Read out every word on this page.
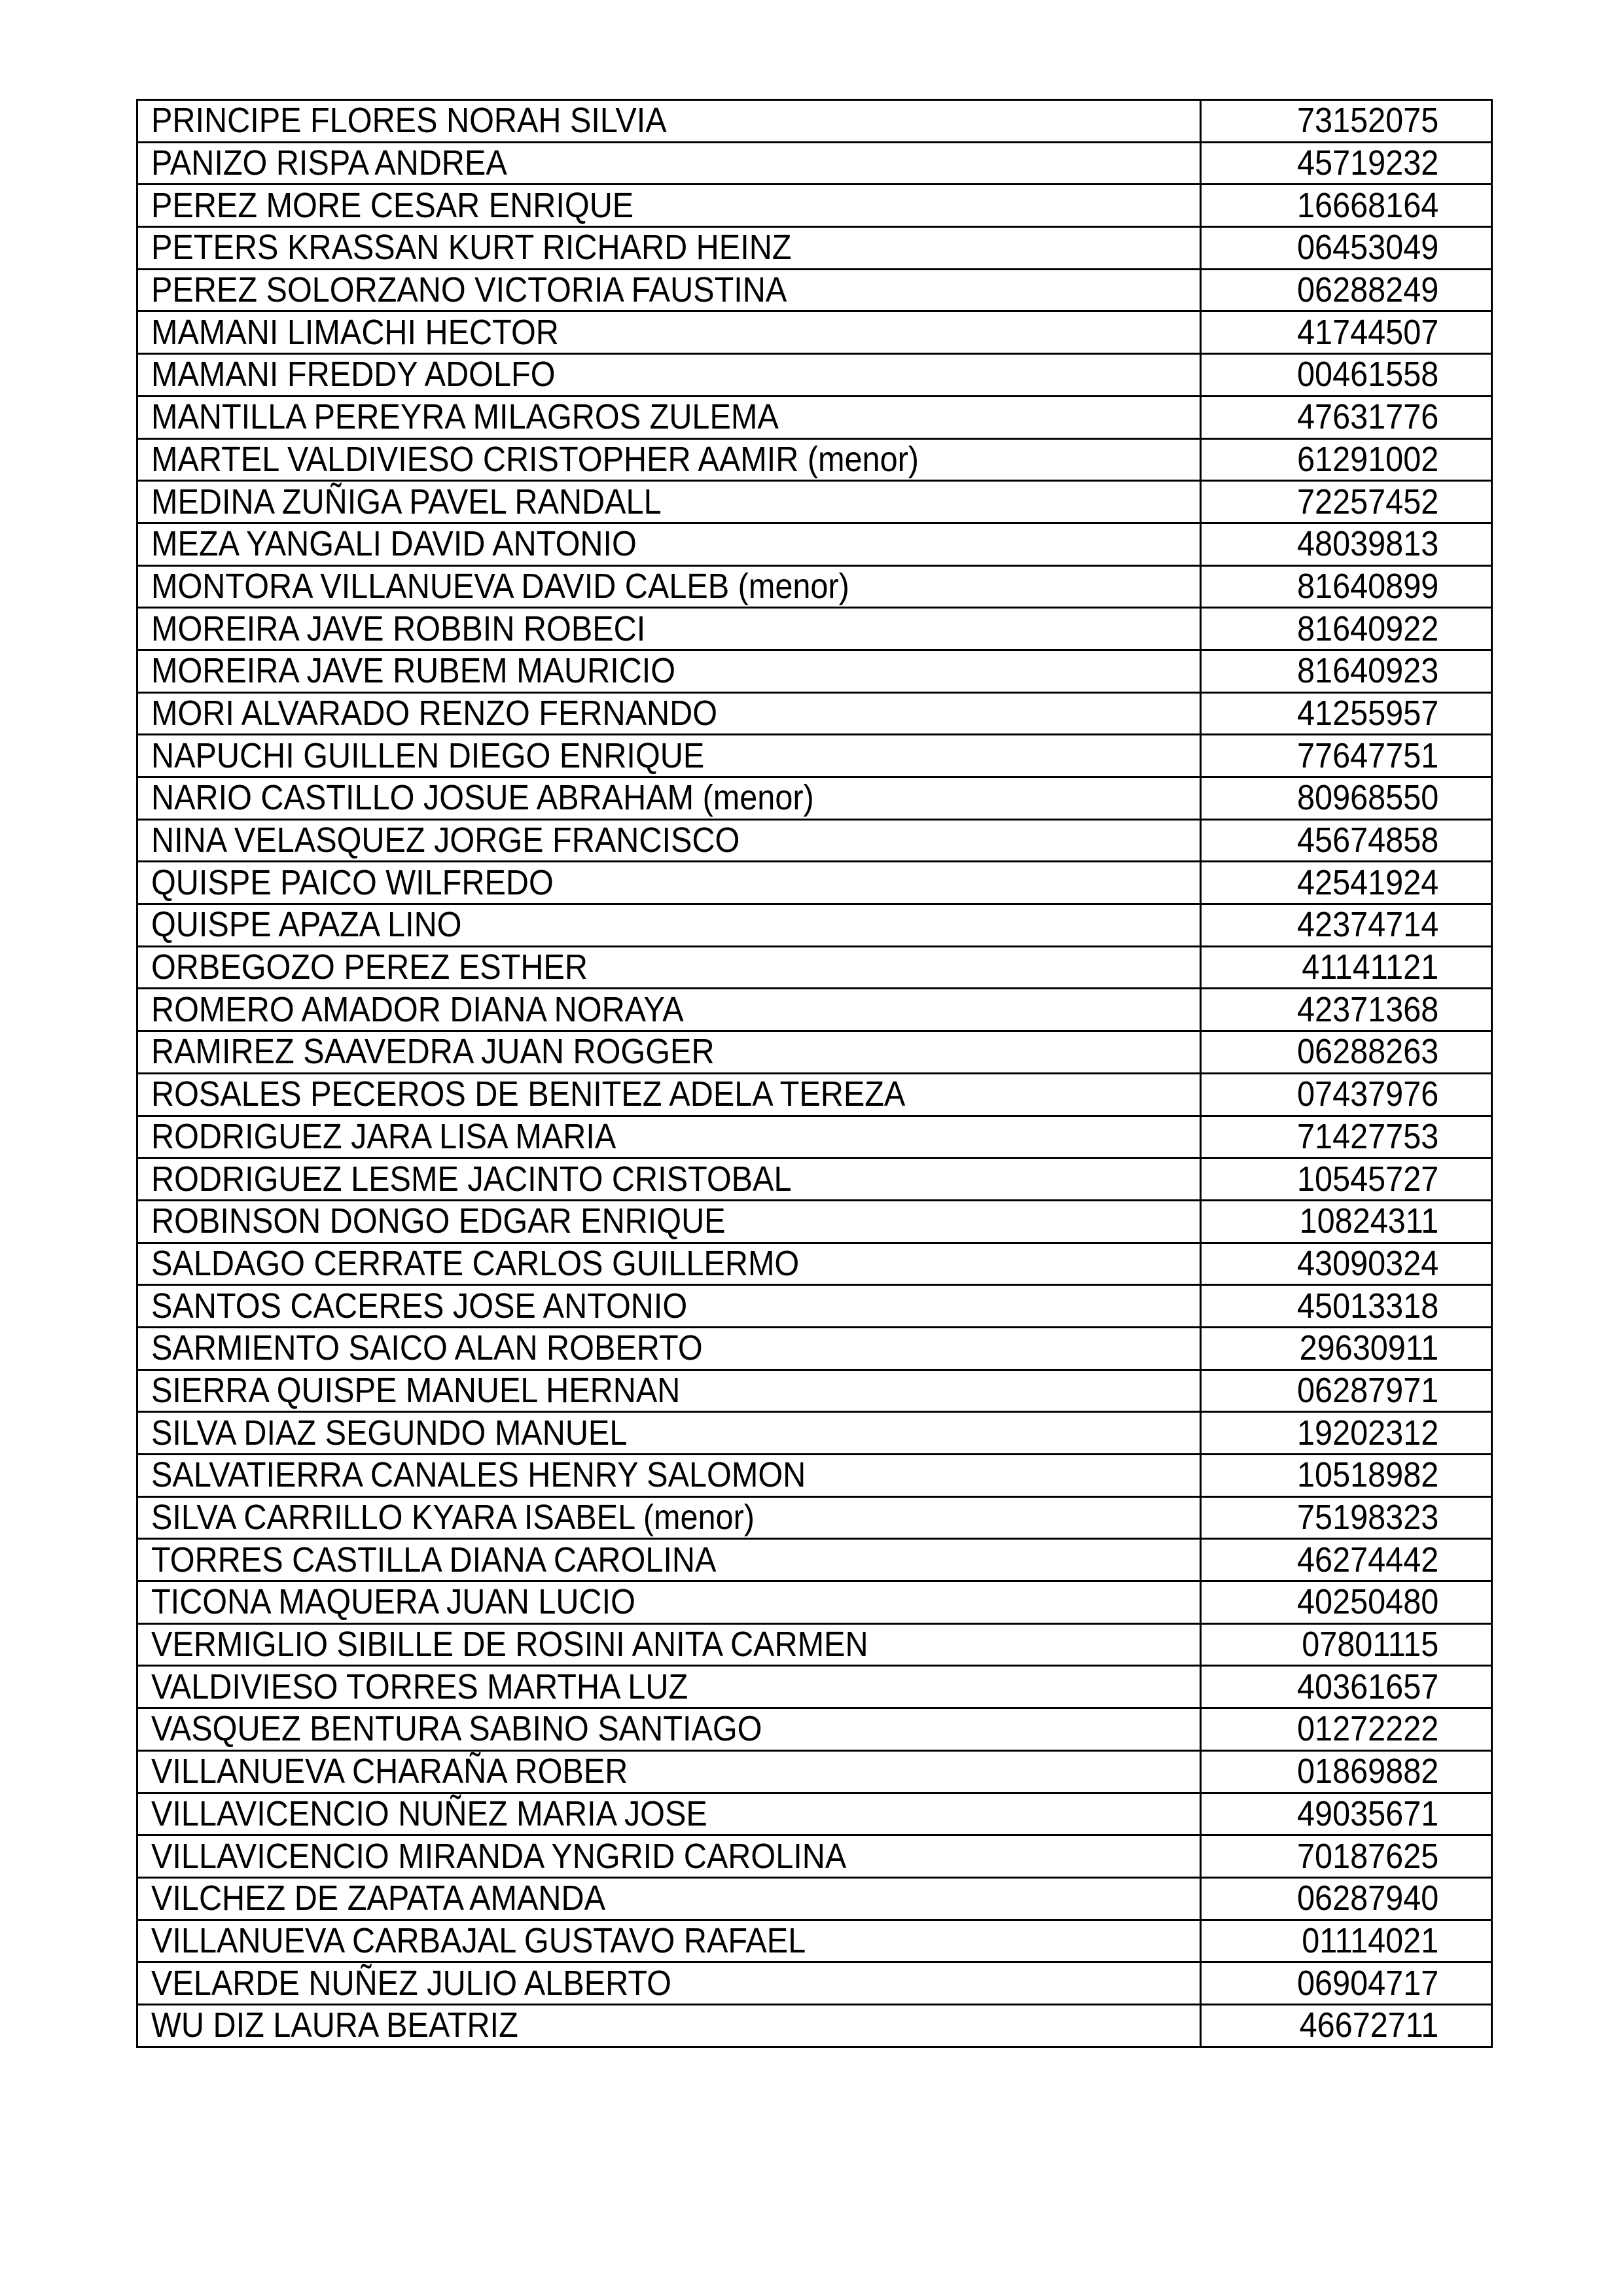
PRINCIPE FLORES NORAH SILVIA	73152075
PANIZO RISPA ANDREA	45719232
PEREZ MORE CESAR ENRIQUE	16668164
PETERS KRASSAN KURT RICHARD HEINZ	06453049
PEREZ SOLORZANO VICTORIA FAUSTINA	06288249
MAMANI LIMACHI HECTOR	41744507
MAMANI FREDDY ADOLFO	00461558
MANTILLA PEREYRA MILAGROS ZULEMA	47631776
MARTEL VALDIVIESO CRISTOPHER AAMIR (menor)	61291002
MEDINA ZUÑIGA PAVEL RANDALL	72257452
MEZA YANGALI DAVID ANTONIO	48039813
MONTORA VILLANUEVA DAVID CALEB (menor)	81640899
MOREIRA JAVE ROBBIN ROBECI	81640922
MOREIRA JAVE RUBEM MAURICIO	81640923
MORI ALVARADO RENZO FERNANDO	41255957
NAPUCHI GUILLEN DIEGO ENRIQUE	77647751
NARIO CASTILLO JOSUE ABRAHAM (menor)	80968550
NINA VELASQUEZ JORGE FRANCISCO	45674858
QUISPE PAICO WILFREDO	42541924
QUISPE APAZA LINO	42374714
ORBEGOZO PEREZ ESTHER	41141121
ROMERO AMADOR DIANA NORAYA	42371368
RAMIREZ SAAVEDRA JUAN ROGGER	06288263
ROSALES PECEROS DE BENITEZ ADELA TEREZA	07437976
RODRIGUEZ JARA LISA MARIA	71427753
RODRIGUEZ LESME JACINTO CRISTOBAL	10545727
ROBINSON DONGO EDGAR ENRIQUE	10824311
SALDAGO CERRATE CARLOS GUILLERMO	43090324
SANTOS CACERES JOSE ANTONIO	45013318
SARMIENTO SAICO ALAN ROBERTO	29630911
SIERRA QUISPE MANUEL HERNAN	06287971
SILVA DIAZ SEGUNDO MANUEL	19202312
SALVATIERRA CANALES HENRY SALOMON	10518982
SILVA CARRILLO KYARA ISABEL (menor)	75198323
TORRES CASTILLA DIANA CAROLINA	46274442
TICONA MAQUERA JUAN LUCIO	40250480
VERMIGLIO SIBILLE DE ROSINI ANITA CARMEN	07801115
VALDIVIESO TORRES MARTHA LUZ	40361657
VASQUEZ BENTURA SABINO SANTIAGO	01272222
VILLANUEVA CHARAÑA ROBER	01869882
VILLAVICENCIO NUÑEZ MARIA JOSE	49035671
VILLAVICENCIO MIRANDA YNGRID CAROLINA	70187625
VILCHEZ DE ZAPATA AMANDA	06287940
VILLANUEVA CARBAJAL GUSTAVO RAFAEL	01114021
VELARDE NUÑEZ JULIO ALBERTO	06904717
WU DIZ LAURA BEATRIZ	46672711
